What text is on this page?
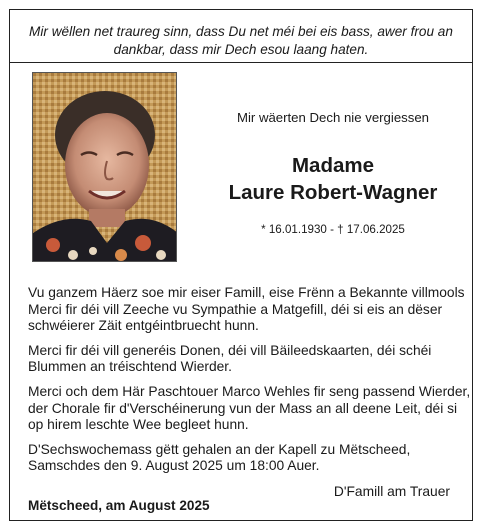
Mir wëllen net traureg sinn, dass Du net méi bei eis bass, awer frou an dankbar, dass mir Dech esou laang haten.
Mir wäerten Dech nie vergiessen
Madame
Laure Robert-Wagner
* 16.01.1930 - † 17.06.2025

Vu ganzem Häerz soe mir eiser Famill, eise Frënn a Bekannte villmools Merci fir déi vill Zeeche vu Sympathie a Matgefill, déi si eis an dëser schwéierer Zäit entgéintbruecht hunn.

Merci fir déi vill generéis Donen, déi vill Bäileedskaarten, déi schéi Blummen an tréischtend Wierder.

Merci och dem Här Paschtouer Marco Wehles fir seng passend Wierder, der Chorale fir d'Verschéinerung vun der Mass an all deene Leit, déi si op hirem leschte Wee begleet hunn.

D'Sechswochemass gëtt gehalen an der Kapell zu Mëtscheed, Samschdes den 9. August 2025 um 18:00 Auer.

D'Famill am Trauer
Mëtscheed, am August 2025
